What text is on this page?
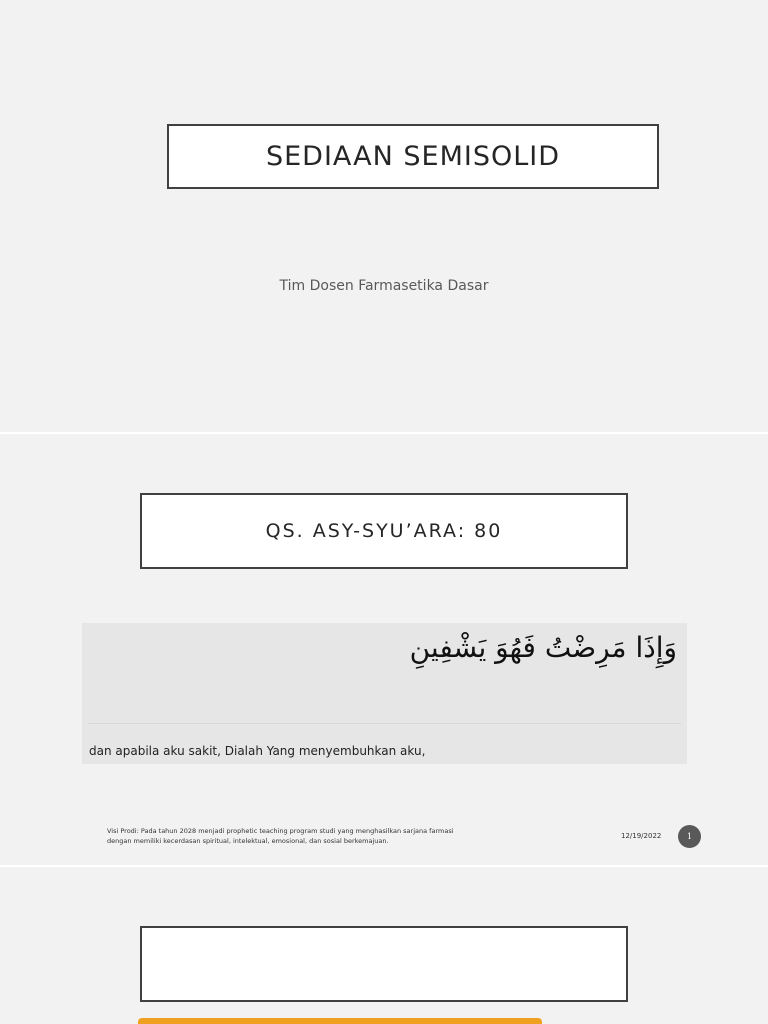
SEDIAAN SEMISOLID
Tim Dosen Farmasetika Dasar
QS. ASY-SYU’ARA: 80
وَإِذَا مَرِضْتُ فَهُوَ يَشْفِينِ
dan apabila aku sakit, Dialah Yang menyembuhkan aku,
Visi Prodi: Pada tahun 2028 menjadi prophetic teaching program studi yang menghasilkan sarjana farmasi
dengan memiliki kecerdasan spiritual, intelektual, emosional, dan sosial berkemajuan.
12/19/2022	1
